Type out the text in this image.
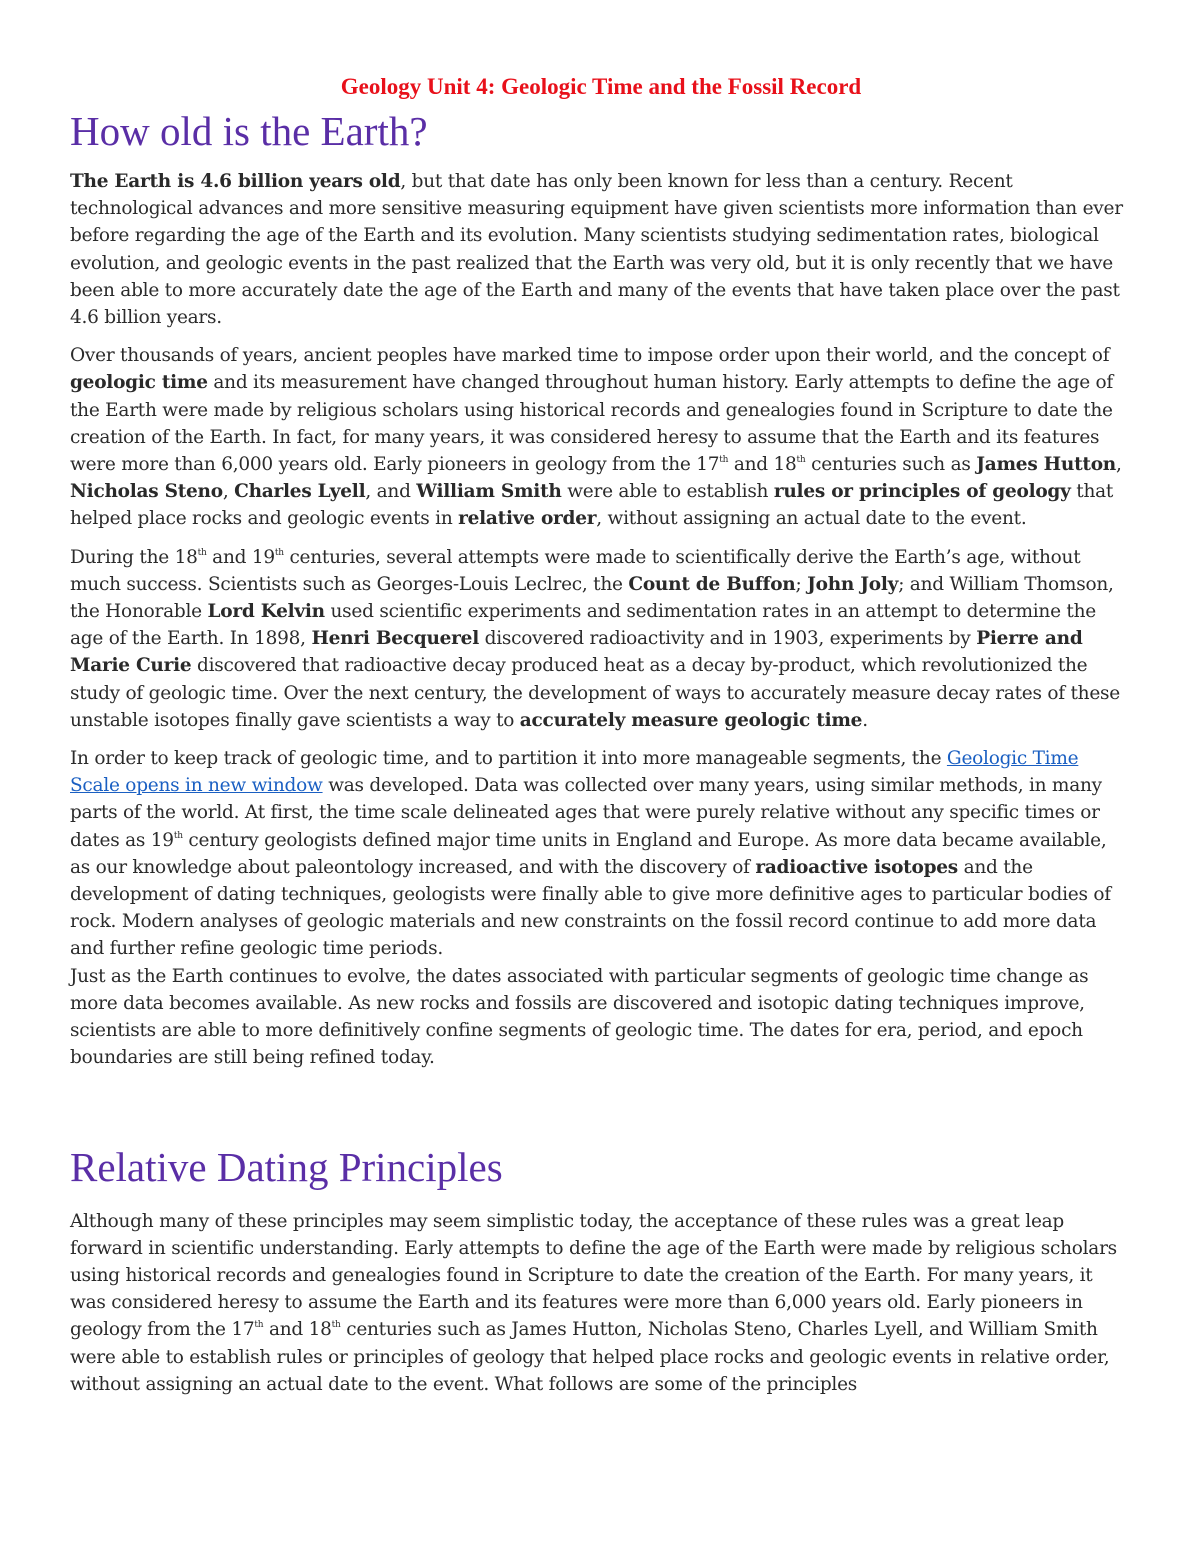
Geology Unit 4: Geologic Time and the Fossil Record
How old is the Earth?

The Earth is 4.6 billion years old, but that date has only been known for less than a century. Recent technological advances and more sensitive measuring equipment have given scientists more information than ever before regarding the age of the Earth and its evolution. Many scientists studying sedimentation rates, biological evolution, and geologic events in the past realized that the Earth was very old, but it is only recently that we have been able to more accurately date the age of the Earth and many of the events that have taken place over the past 4.6 billion years.

Over thousands of years, ancient peoples have marked time to impose order upon their world, and the concept of geologic time and its measurement have changed throughout human history. Early attempts to define the age of the Earth were made by religious scholars using historical records and genealogies found in Scripture to date the creation of the Earth. In fact, for many years, it was considered heresy to assume that the Earth and its features were more than 6,000 years old. Early pioneers in geology from the 17th and 18th centuries such as James Hutton, Nicholas Steno, Charles Lyell, and William Smith were able to establish rules or principles of geology that helped place rocks and geologic events in relative order, without assigning an actual date to the event.

During the 18th and 19th centuries, several attempts were made to scientifically derive the Earth’s age, without much success. Scientists such as Georges-Louis Leclrec, the Count de Buffon; John Joly; and William Thomson, the Honorable Lord Kelvin used scientific experiments and sedimentation rates in an attempt to determine the age of the Earth. In 1898, Henri Becquerel discovered radioactivity and in 1903, experiments by Pierre and Marie Curie discovered that radioactive decay produced heat as a decay by-product, which revolutionized the study of geologic time. Over the next century, the development of ways to accurately measure decay rates of these unstable isotopes finally gave scientists a way to accurately measure geologic time.

In order to keep track of geologic time, and to partition it into more manageable segments, the Geologic Time Scale opens in new window was developed. Data was collected over many years, using similar methods, in many parts of the world. At first, the time scale delineated ages that were purely relative without any specific times or dates as 19th century geologists defined major time units in England and Europe. As more data became available, as our knowledge about paleontology increased, and with the discovery of radioactive isotopes and the development of dating techniques, geologists were finally able to give more definitive ages to particular bodies of rock. Modern analyses of geologic materials and new constraints on the fossil record continue to add more data and further refine geologic time periods.

Just as the Earth continues to evolve, the dates associated with particular segments of geologic time change as more data becomes available. As new rocks and fossils are discovered and isotopic dating techniques improve, scientists are able to more definitively confine segments of geologic time. The dates for era, period, and epoch boundaries are still being refined today.

Relative Dating Principles

Although many of these principles may seem simplistic today, the acceptance of these rules was a great leap forward in scientific understanding. Early attempts to define the age of the Earth were made by religious scholars using historical records and genealogies found in Scripture to date the creation of the Earth. For many years, it was considered heresy to assume the Earth and its features were more than 6,000 years old. Early pioneers in geology from the 17th and 18th centuries such as James Hutton, Nicholas Steno, Charles Lyell, and William Smith were able to establish rules or principles of geology that helped place rocks and geologic events in relative order, without assigning an actual date to the event. What follows are some of the principles
